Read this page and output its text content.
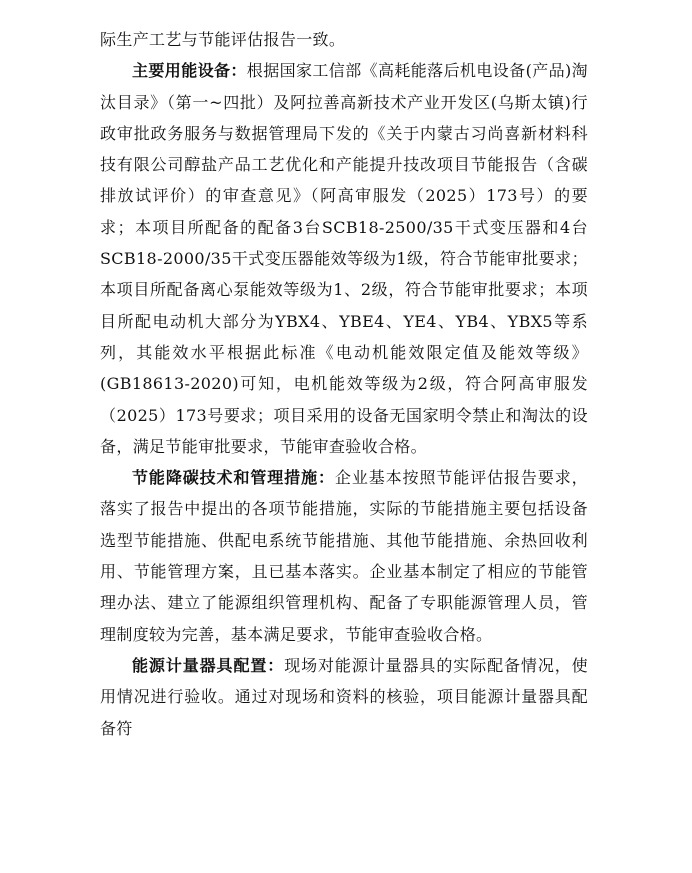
际生产工艺与节能评估报告一致。

主要用能设备：根据国家工信部《高耗能落后机电设备(产品)淘汰目录》（第一~四批）及阿拉善高新技术产业开发区(乌斯太镇)行政审批政务服务与数据管理局下发的《关于内蒙古习尚喜新材料科技有限公司醇盐产品工艺优化和产能提升技改项目节能报告（含碳排放试评价）的审查意见》（阿高审服发（2025）173号）的要求；本项目所配备的配备3台SCB18-2500/35干式变压器和4台SCB18-2000/35干式变压器能效等级为1级，符合节能审批要求；本项目所配备离心泵能效等级为1、2级，符合节能审批要求；本项目所配电动机大部分为YBX4、YBE4、YE4、YB4、YBX5等系列，其能效水平根据此标准《电动机能效限定值及能效等级》(GB18613-2020)可知，电机能效等级为2级，符合阿高审服发（2025）173号要求；项目采用的设备无国家明令禁止和淘汰的设备，满足节能审批要求，节能审查验收合格。

节能降碳技术和管理措施：企业基本按照节能评估报告要求，落实了报告中提出的各项节能措施，实际的节能措施主要包括设备选型节能措施、供配电系统节能措施、其他节能措施、余热回收利用、节能管理方案，且已基本落实。企业基本制定了相应的节能管理办法、建立了能源组织管理机构、配备了专职能源管理人员，管理制度较为完善，基本满足要求，节能审查验收合格。

能源计量器具配置：现场对能源计量器具的实际配备情况，使用情况进行验收。通过对现场和资料的核验，项目能源计量器具配备符
